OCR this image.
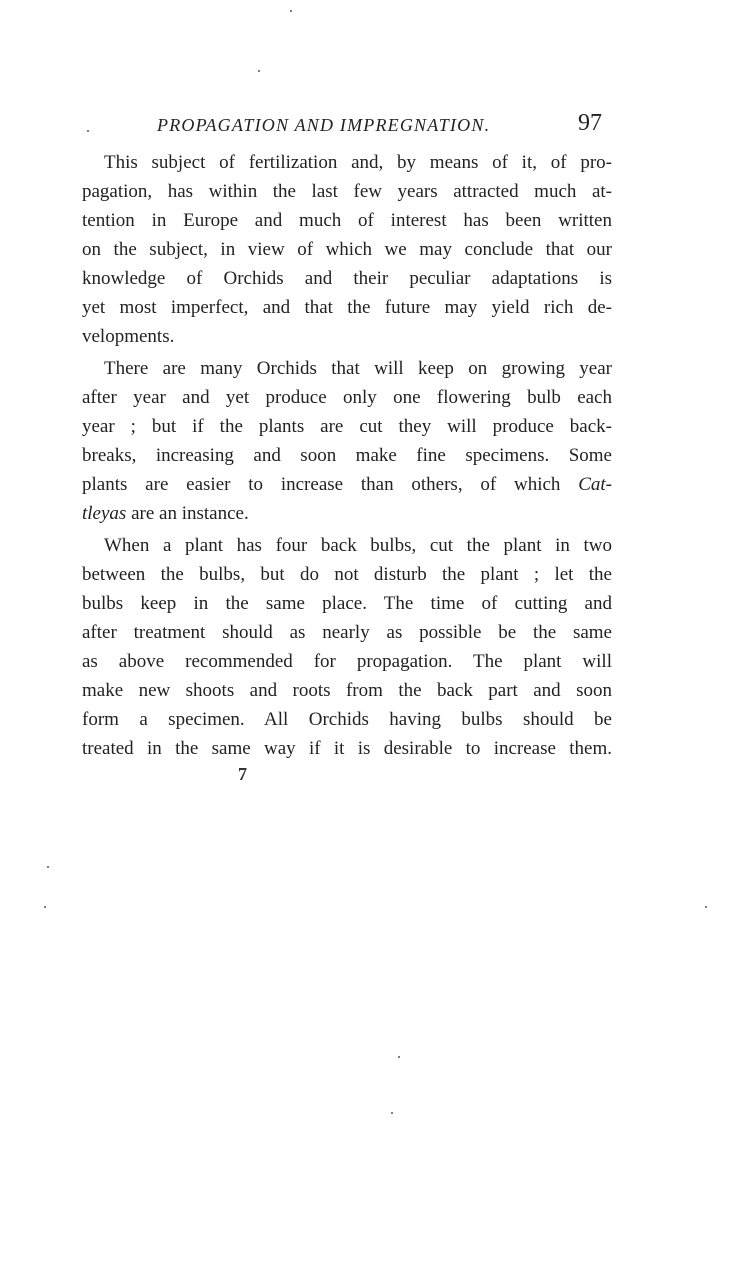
PROPAGATION AND IMPREGNATION.	97

This subject of fertilization and, by means of it, of pro-
pagation, has within the last few years attracted much at-
tention in Europe and much of interest has been written
on the subject, in view of which we may conclude that our
knowledge of Orchids and their peculiar adaptations is
yet most imperfect, and that the future may yield rich de-
velopments.

There are many Orchids that will keep on growing year
after year and yet produce only one flowering bulb each
year ; but if the plants are cut they will produce back-
breaks, increasing and soon make fine specimens. Some
plants are easier to increase than others, of which Cat-
tleyas are an instance.

When a plant has four back bulbs, cut the plant in two
between the bulbs, but do not disturb the plant ; let the
bulbs keep in the same place. The time of cutting and
after treatment should as nearly as possible be the same
as above recommended for propagation. The plant will
make new shoots and roots from the back part and soon
form a specimen. All Orchids having bulbs should be
treated in the same way if it is desirable to increase them.

7
